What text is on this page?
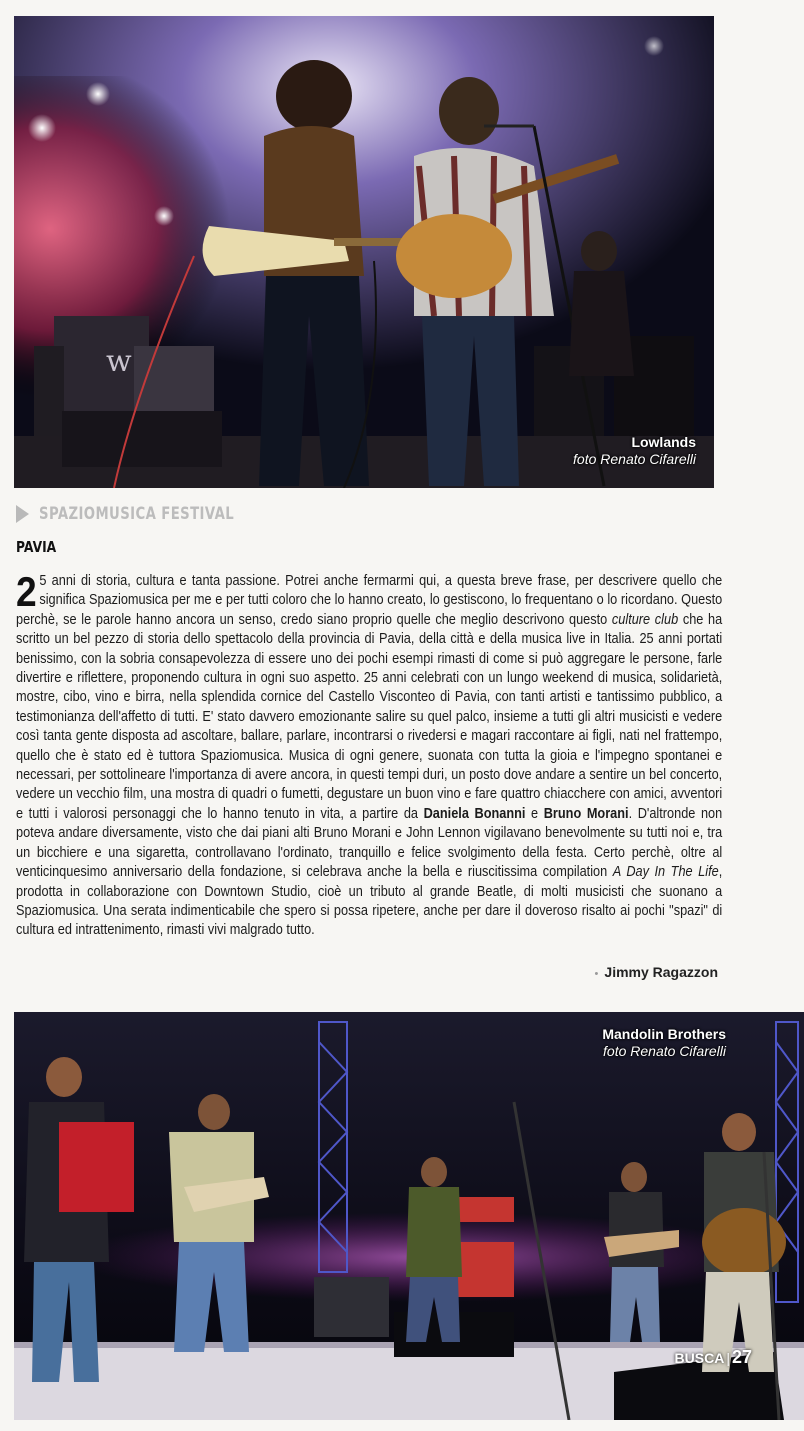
w
Lowlands
foto Renato Cifarelli
SPAZIOMUSICA FESTIVAL
PAVIA

2 5 anni di storia, cultura e tanta passione. Potrei anche fermarmi qui, a questa breve frase, per descrivere quello che significa Spaziomusica per me e per tutti coloro che lo hanno creato, lo gestiscono, lo frequentano o lo ricordano. Questo perchè, se le parole hanno ancora un senso, credo siano proprio quelle che meglio descrivono questo culture club che ha scritto un bel pezzo di storia dello spettacolo della provincia di Pavia, della città e della musica live in Italia. 25 anni portati benissimo, con la sobria consapevolezza di essere uno dei pochi esempi rimasti di come si può aggregare le persone, farle divertire e riflettere, proponendo cultura in ogni suo aspetto. 25 anni celebrati con un lungo weekend di musica, solidarietà, mostre, cibo, vino e birra, nella splendida cornice del Castello Visconteo di Pavia, con tanti artisti e tantissimo pubblico, a testimonianza dell'affetto di tutti. E' stato davvero emozionante salire su quel palco, insieme a tutti gli altri musicisti e vedere così tanta gente disposta ad ascoltare, ballare, parlare, incontrarsi o rivedersi e magari raccontare ai figli, nati nel frattempo, quello che è stato ed è tuttora Spaziomusica. Musica di ogni genere, suonata con tutta la gioia e l'impegno spontanei e necessari, per sottolineare l'importanza di avere ancora, in questi tempi duri, un posto dove andare a sentire un bel concerto, vedere un vecchio film, una mostra di quadri o fumetti, degustare un buon vino e fare quattro chiacchere con amici, avventori e tutti i valorosi personaggi che lo hanno tenuto in vita, a partire da Daniela Bonanni e Bruno Morani. D'altronde non poteva andare diversamente, visto che dai piani alti Bruno Morani e John Lennon vigilavano benevolmente su tutti noi e, tra un bicchiere e una sigaretta, controllavano l'ordinato, tranquillo e felice svolgimento della festa. Certo perchè, oltre al venticinquesimo anniversario della fondazione, si celebrava anche la bella e riuscitissima compilation A Day In The Life, prodotta in collaborazione con Downtown Studio, cioè un tributo al grande Beatle, di molti musicisti che suonano a Spaziomusica. Una serata indimenticabile che spero si possa ripetere, anche per dare il doveroso risalto ai pochi "spazi" di cultura ed intrattenimento, rimasti vivi malgrado tutto.

• Jimmy Ragazzon
Mandolin Brothers
foto Renato Cifarelli
BUSCA | 27
